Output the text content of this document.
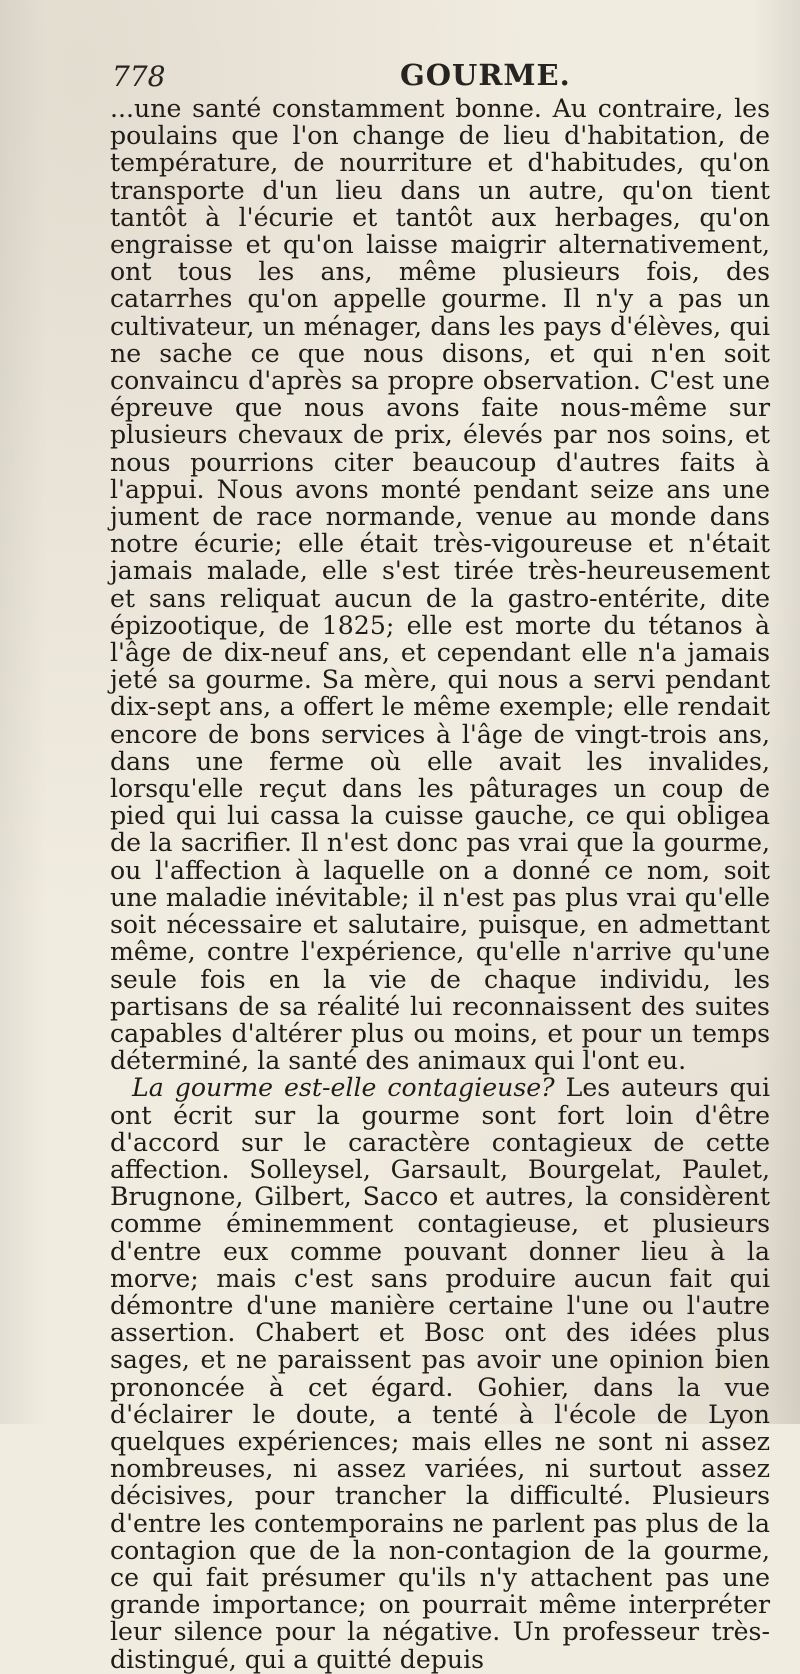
778	GOURME.

...une santé constamment bonne. Au contraire, les poulains que l'on change de lieu d'habitation, de température, de nourriture et d'habitudes, qu'on transporte d'un lieu dans un autre, qu'on tient tantôt à l'écurie et tantôt aux herbages, qu'on engraisse et qu'on laisse maigrir alternativement, ont tous les ans, même plusieurs fois, des catarrhes qu'on appelle gourme. Il n'y a pas un cultivateur, un ménager, dans les pays d'élèves, qui ne sache ce que nous disons, et qui n'en soit convaincu d'après sa propre observation. C'est une épreuve que nous avons faite nous-même sur plusieurs chevaux de prix, élevés par nos soins, et nous pourrions citer beaucoup d'autres faits à l'appui. Nous avons monté pendant seize ans une jument de race normande, venue au monde dans notre écurie; elle était très-vigoureuse et n'était jamais malade, elle s'est tirée très-heureusement et sans reliquat aucun de la gastro-entérite, dite épizootique, de 1825; elle est morte du tétanos à l'âge de dix-neuf ans, et cependant elle n'a jamais jeté sa gourme. Sa mère, qui nous a servi pendant dix-sept ans, a offert le même exemple; elle rendait encore de bons services à l'âge de vingt-trois ans, dans une ferme où elle avait les invalides, lorsqu'elle reçut dans les pâturages un coup de pied qui lui cassa la cuisse gauche, ce qui obligea de la sacrifier. Il n'est donc pas vrai que la gourme, ou l'affection à laquelle on a donné ce nom, soit une maladie inévitable; il n'est pas plus vrai qu'elle soit nécessaire et salutaire, puisque, en admettant même, contre l'expérience, qu'elle n'arrive qu'une seule fois en la vie de chaque individu, les partisans de sa réalité lui reconnaissent des suites capables d'altérer plus ou moins, et pour un temps déterminé, la santé des animaux qui l'ont eu.

La gourme est-elle contagieuse? Les auteurs qui ont écrit sur la gourme sont fort loin d'être d'accord sur le caractère contagieux de cette affection. Solleysel, Garsault, Bourgelat, Paulet, Brugnone, Gilbert, Sacco et autres, la considèrent comme éminemment contagieuse, et plusieurs d'entre eux comme pouvant donner lieu à la morve; mais c'est sans produire aucun fait qui démontre d'une manière certaine l'une ou l'autre assertion. Chabert et Bosc ont des idées plus sages, et ne paraissent pas avoir une opinion bien prononcée à cet égard. Gohier, dans la vue d'éclairer le doute, a tenté à l'école de Lyon quelques expériences; mais elles ne sont ni assez nombreuses, ni assez variées, ni surtout assez décisives, pour trancher la difficulté. Plusieurs d'entre les contemporains ne parlent pas plus de la contagion que de la non-contagion de la gourme, ce qui fait présumer qu'ils n'y attachent pas une grande importance; on pourrait même interpréter leur silence pour la négative. Un professeur très-distingué, qui a quitté depuis
